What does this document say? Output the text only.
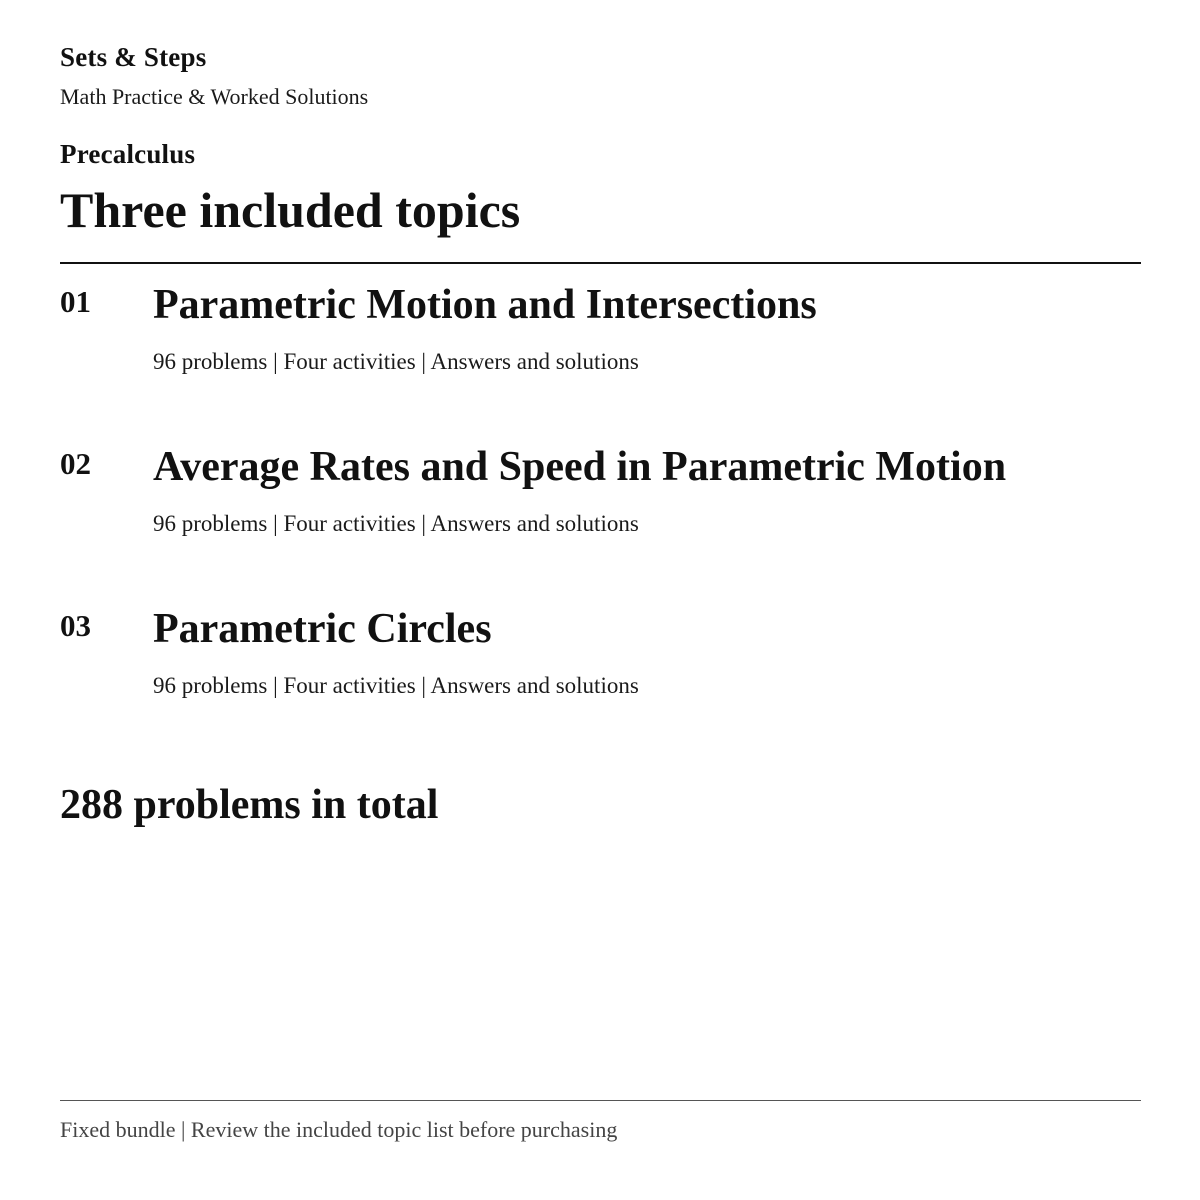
Sets & Steps
Math Practice & Worked Solutions
Precalculus
Three included topics
01 Parametric Motion and Intersections
96 problems | Four activities | Answers and solutions
02 Average Rates and Speed in Parametric Motion
96 problems | Four activities | Answers and solutions
03 Parametric Circles
96 problems | Four activities | Answers and solutions
288 problems in total
Fixed bundle | Review the included topic list before purchasing
